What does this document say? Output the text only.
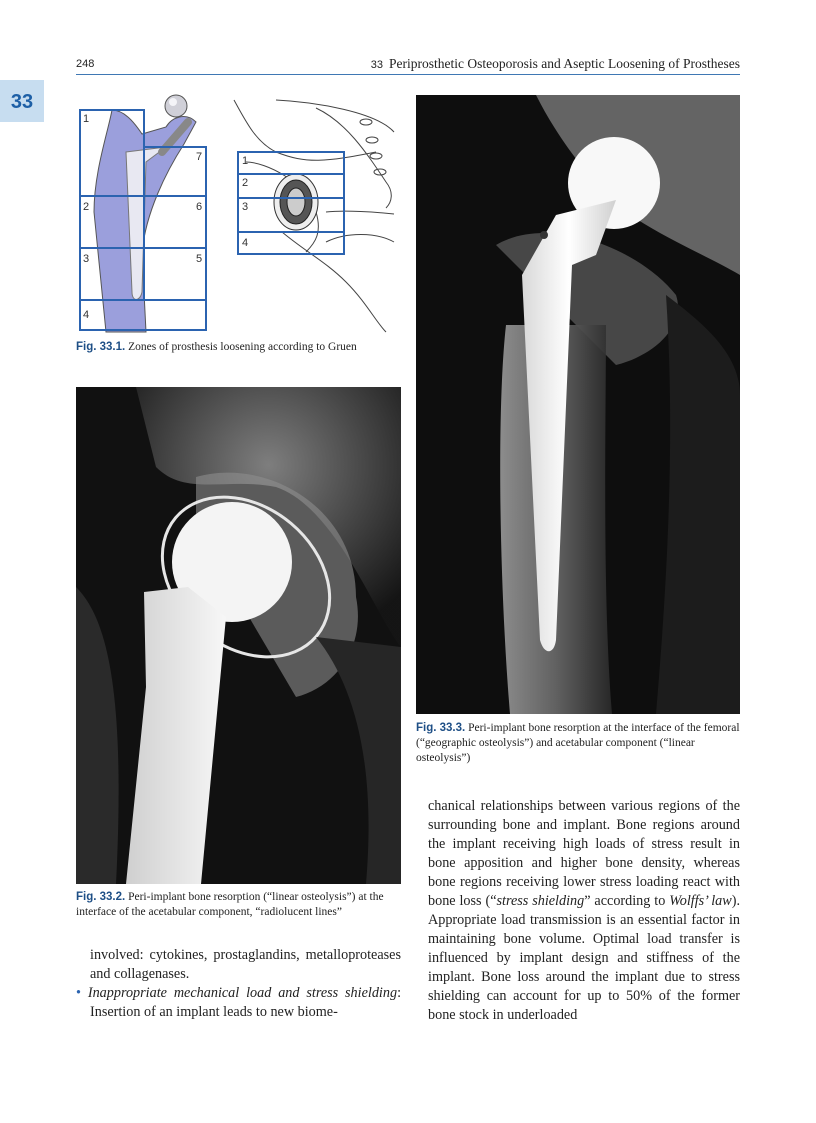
248	33 Periprosthetic Osteoporosis and Aseptic Loosening of Prostheses
33
1
2
3
4
5
6
7	1
2
3
4
Fig. 33.1. Zones of prosthesis loosening according to Gruen
Fig. 33.2. Peri-implant bone resorption (“linear osteolysis”) at the interface of the acetabular component, “radiolucent lines”
Fig. 33.3. Peri-implant bone resorption at the interface of the femoral (“geographic osteolysis”) and acetabular component (“linear osteolysis”)

involved: cytokines, prostaglandins, metalloproteases and collagenases.

• Inappropriate mechanical load and stress shielding: Insertion of an implant leads to new biome-

chanical relationships between various regions of the surrounding bone and implant. Bone regions around the implant receiving high loads of stress result in bone apposition and higher bone density, whereas bone regions receiving lower stress loading react with bone loss (“stress shielding” according to Wolffs’ law). Appropriate load transmission is an essential factor in maintaining bone volume. Optimal load transfer is influenced by implant design and stiffness of the implant. Bone loss around the implant due to stress shielding can account for up to 50% of the former bone stock in underloaded
